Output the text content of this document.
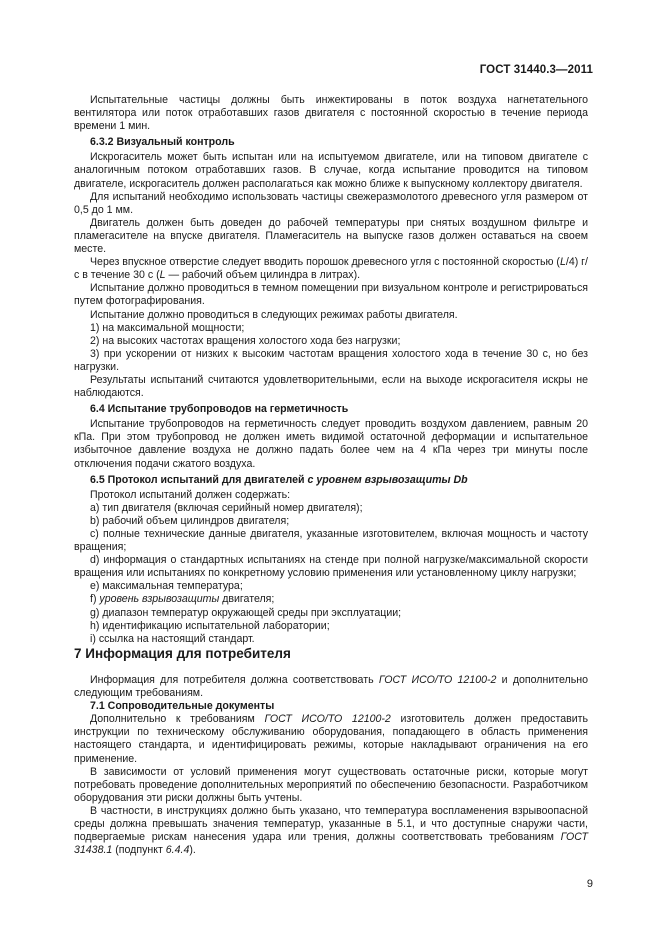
ГОСТ 31440.3—2011

Испытательные частицы должны быть инжектированы в поток воздуха нагнетательного вентилятора или поток отработавших газов двигателя с постоянной скоростью в течение периода времени 1 мин.

6.3.2 Визуальный контроль

Искрогаситель может быть испытан или на испытуемом двигателе, или на типовом двигателе с аналогичным потоком отработавших газов. В случае, когда испытание проводится на типовом двигателе, искрогаситель должен располагаться как можно ближе к выпускному коллектору двигателя.

Для испытаний необходимо использовать частицы свежеразмолотого древесного угля размером от 0,5 до 1 мм.

Двигатель должен быть доведен до рабочей температуры при снятых воздушном фильтре и пламегасителе на впуске двигателя. Пламегаситель на выпуске газов должен оставаться на своем месте.

Через впускное отверстие следует вводить порошок древесного угля с постоянной скоростью (L/4) г/с в течение 30 с (L — рабочий объем цилиндра в литрах).

Испытание должно проводиться в темном помещении при визуальном контроле и регистрироваться путем фотографирования.

Испытание должно проводиться в следующих режимах работы двигателя.

1) на максимальной мощности;

2) на высоких частотах вращения холостого хода без нагрузки;

3) при ускорении от низких к высоким частотам вращения холостого хода в течение 30 с, но без нагрузки.

Результаты испытаний считаются удовлетворительными, если на выходе искрогасителя искры не наблюдаются.

6.4 Испытание трубопроводов на герметичность

Испытание трубопроводов на герметичность следует проводить воздухом давлением, равным 20 кПа. При этом трубопровод не должен иметь видимой остаточной деформации и испытательное избыточное давление воздуха не должно падать более чем на 4 кПа через три минуты после отключения подачи сжатого воздуха.

6.5 Протокол испытаний для двигателей с уровнем взрывозащиты Db

Протокол испытаний должен содержать:

a) тип двигателя (включая серийный номер двигателя);

b) рабочий объем цилиндров двигателя;

c) полные технические данные двигателя, указанные изготовителем, включая мощность и частоту вращения;

d) информация о стандартных испытаниях на стенде при полной нагрузке/максимальной скорости вращения или испытаниях по конкретному условию применения или установленному циклу нагрузки;

e) максимальная температура;

f) уровень взрывозащиты двигателя;

g) диапазон температур окружающей среды при эксплуатации;

h) идентификацию испытательной лаборатории;

i) ссылка на настоящий стандарт.

7 Информация для потребителя

Информация для потребителя должна соответствовать ГОСТ ИСО/ТО 12100-2 и дополнительно следующим требованиям.

7.1 Сопроводительные документы

Дополнительно к требованиям ГОСТ ИСО/ТО 12100-2 изготовитель должен предоставить инструкции по техническому обслуживанию оборудования, попадающего в область применения настоящего стандарта, и идентифицировать режимы, которые накладывают ограничения на его применение.

В зависимости от условий применения могут существовать остаточные риски, которые могут потребовать проведение дополнительных мероприятий по обеспечению безопасности. Разработчиком оборудования эти риски должны быть учтены.

В частности, в инструкциях должно быть указано, что температура воспламенения взрывоопасной среды должна превышать значения температур, указанные в 5.1, и что доступные снаружи части, подвергаемые рискам нанесения удара или трения, должны соответствовать требованиям ГОСТ 31438.1 (подпункт 6.4.4).

9
